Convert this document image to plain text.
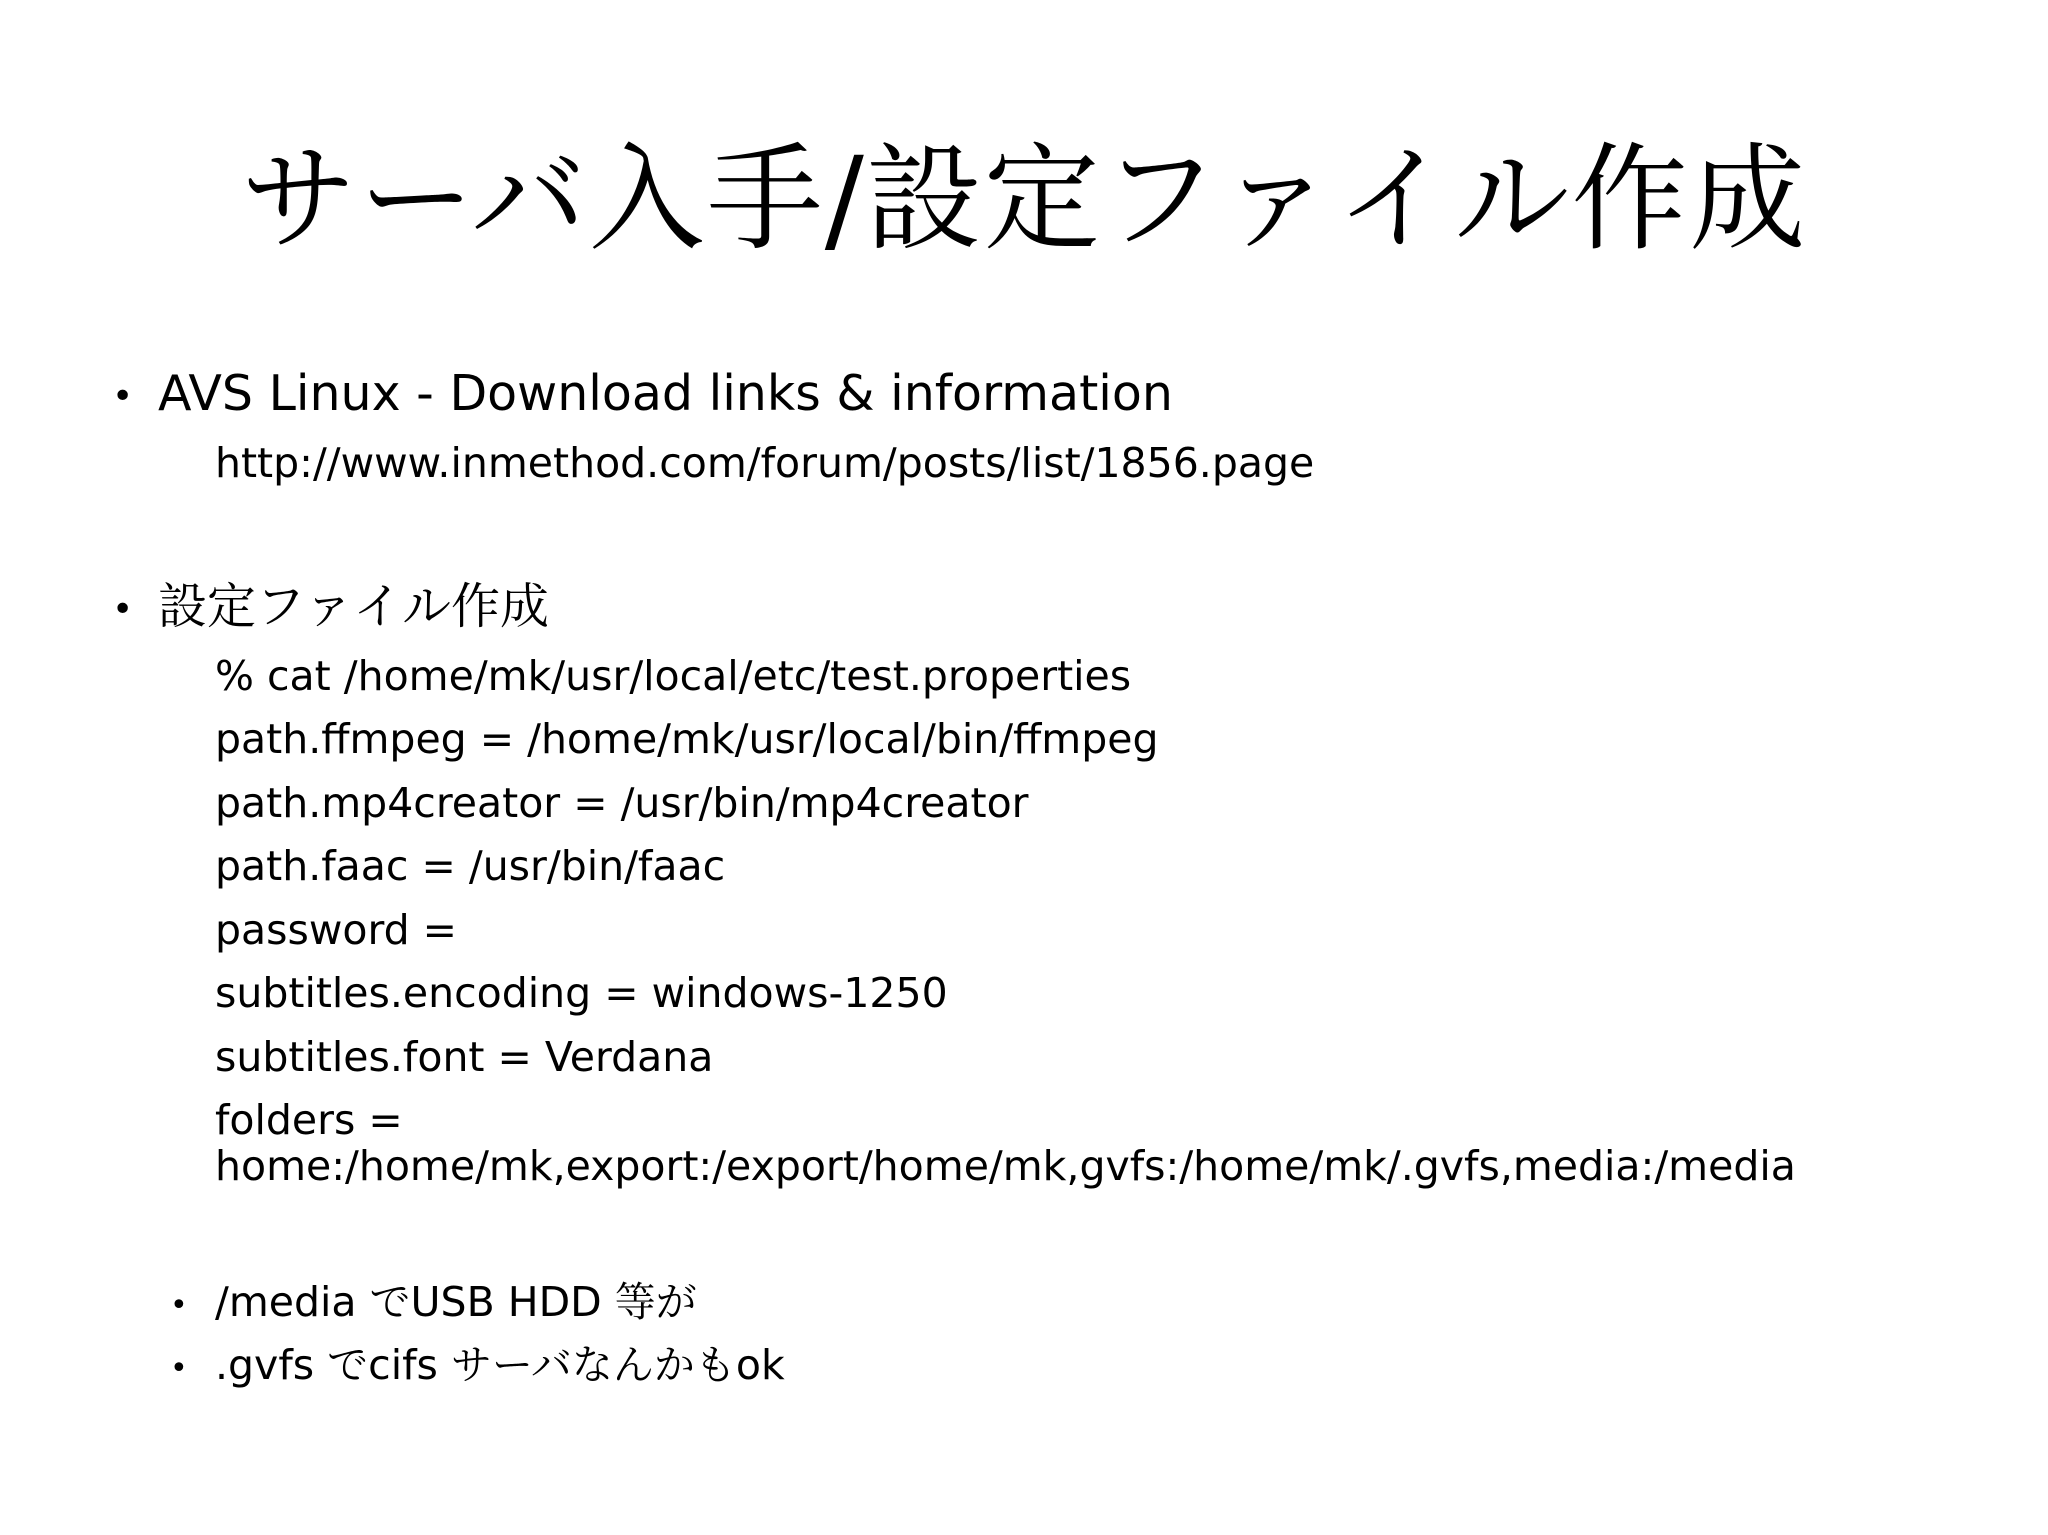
サーバ入手/設定ファイル作成
• AVS Linux - Download links & information
http://www.inmethod.com/forum/posts/list/1856.page
• 設定ファイル作成
% cat /home/mk/usr/local/etc/test.properties
path.ffmpeg = /home/mk/usr/local/bin/ffmpeg
path.mp4creator = /usr/bin/mp4creator
path.faac = /usr/bin/faac
password =
subtitles.encoding = windows-1250
subtitles.font = Verdana
folders =
home:/home/mk,export:/export/home/mk,gvfs:/home/mk/.gvfs,media:/media
• /media でUSB HDD 等が
• .gvfs でcifs サーバなんかもok
